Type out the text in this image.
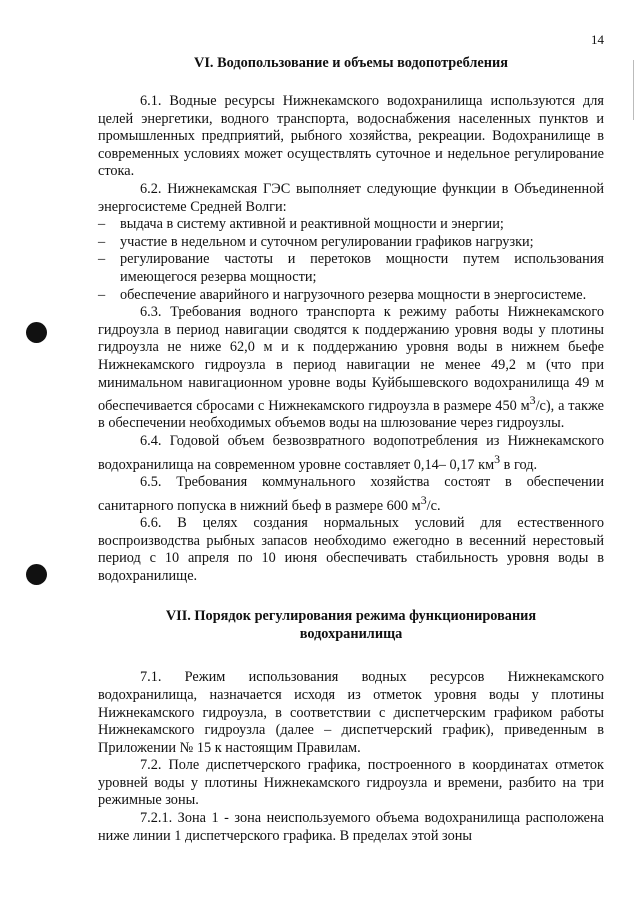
14
VI. Водопользование и объемы водопотребления

6.1. Водные ресурсы Нижнекамского водохранилища используются для целей энергетики, водного транспорта, водоснабжения населенных пунктов и промышленных предприятий, рыбного хозяйства, рекреации. Водохранилище в современных условиях может осуществлять суточное и недельное регулирование стока.

6.2. Нижнекамская ГЭС выполняет следующие функции в Объединенной энергосистеме Средней Волги:

– выдача в систему активной и реактивной мощности и энергии;
– участие в недельном и суточном регулировании графиков нагрузки;
– регулирование частоты и перетоков мощности путем использования имеющегося резерва мощности;
– обеспечение аварийного и нагрузочного резерва мощности в энергосистеме.

6.3. Требования водного транспорта к режиму работы Нижнекамского гидроузла в период навигации сводятся к поддержанию уровня воды у плотины гидроузла не ниже 62,0 м и к поддержанию уровня воды в нижнем бьефе Нижнекамского гидроузла в период навигации не менее 49,2 м (что при минимальном навигационном уровне воды Куйбышевского водохранилища 49 м обеспечивается сбросами с Нижнекамского гидроузла в размере 450 $м^3/с$), а также в обеспечении необходимых объемов воды на шлюзование через гидроузлы.

6.4. Годовой объем безвозвратного водопотребления из Нижнекамского водохранилища на современном уровне составляет 0,14– 0,17 $км^3$ в год.

6.5. Требования коммунального хозяйства состоят в обеспечении санитарного попуска в нижний бьеф в размере 600 $м^3/с$.

6.6. В целях создания нормальных условий для естественного воспроизводства рыбных запасов необходимо ежегодно в весенний нерестовый период с 10 апреля по 10 июня обеспечивать стабильность уровня воды в водохранилище.

VII. Порядок регулирования режима функционирования
водохранилища

7.1. Режим использования водных ресурсов Нижнекамского водохранилища, назначается исходя из отметок уровня воды у плотины Нижнекамского гидроузла, в соответствии с диспетчерским графиком работы Нижнекамского гидроузла (далее – диспетчерский график), приведенным в Приложении № 15 к настоящим Правилам.

7.2. Поле диспетчерского графика, построенного в координатах отметок уровней воды у плотины Нижнекамского гидроузла и времени, разбито на три режимные зоны.

7.2.1. Зона 1 - зона неиспользуемого объема водохранилища расположена ниже линии 1 диспетчерского графика. В пределах этой зоны
